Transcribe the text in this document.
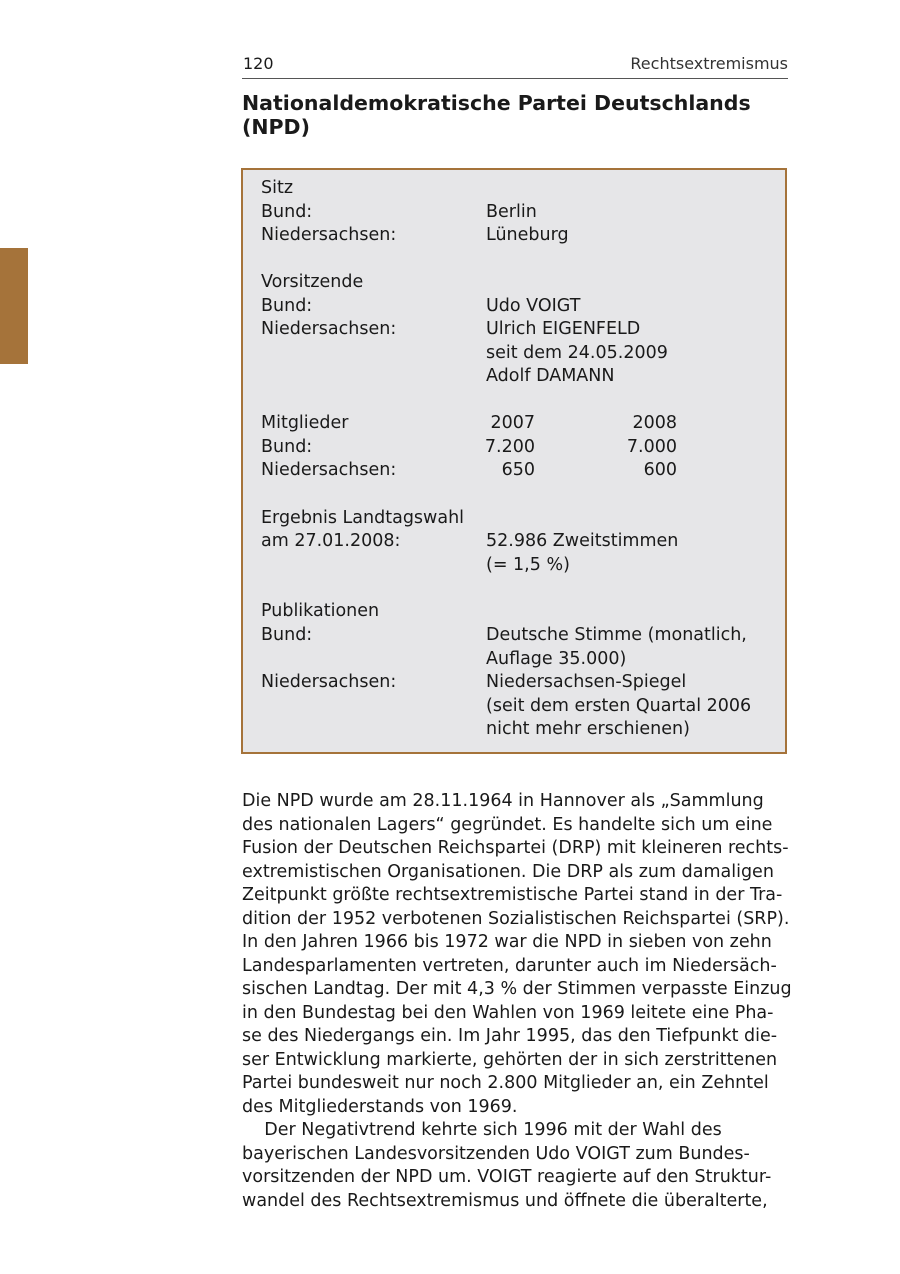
120	Rechtsextremismus
Nationaldemokratische Partei Deutschlands
(NPD)
Sitz
Bund:	Berlin
Niedersachsen:	Lüneburg
Vorsitzende
Bund:	Udo VOIGT
Niedersachsen:	Ulrich EIGENFELD
seit dem 24.05.2009
Adolf DAMANN
Mitglieder	2007	2008
Bund:	7.200	7.000
Niedersachsen:	650	600
Ergebnis Landtagswahl
am 27.01.2008:	52.986 Zweitstimmen
(= 1,5 %)
Publikationen
Bund:	Deutsche Stimme (monatlich,
Auflage 35.000)
Niedersachsen:	Niedersachsen-Spiegel
(seit dem ersten Quartal 2006
nicht mehr erschienen)
Die NPD wurde am 28.11.1964 in Hannover als „Sammlung
des nationalen Lagers“ gegründet. Es handelte sich um eine
Fusion der Deutschen Reichspartei (DRP) mit kleineren rechts-
extremistischen Organisationen. Die DRP als zum damaligen
Zeitpunkt größte rechtsextremistische Partei stand in der Tra-
dition der 1952 verbotenen Sozialistischen Reichspartei (SRP).
In den Jahren 1966 bis 1972 war die NPD in sieben von zehn
Landesparlamenten vertreten, darunter auch im Niedersäch-
sischen Landtag. Der mit 4,3 % der Stimmen verpasste Einzug
in den Bundestag bei den Wahlen von 1969 leitete eine Pha-
se des Niedergangs ein. Im Jahr 1995, das den Tiefpunkt die-
ser Entwicklung markierte, gehörten der in sich zerstrittenen
Partei bundesweit nur noch 2.800 Mitglieder an, ein Zehntel
des Mitgliederstands von 1969.
Der Negativtrend kehrte sich 1996 mit der Wahl des
bayerischen Landesvorsitzenden Udo VOIGT zum Bundes-
vorsitzenden der NPD um. VOIGT reagierte auf den Struktur-
wandel des Rechtsextremismus und öffnete die überalterte,
